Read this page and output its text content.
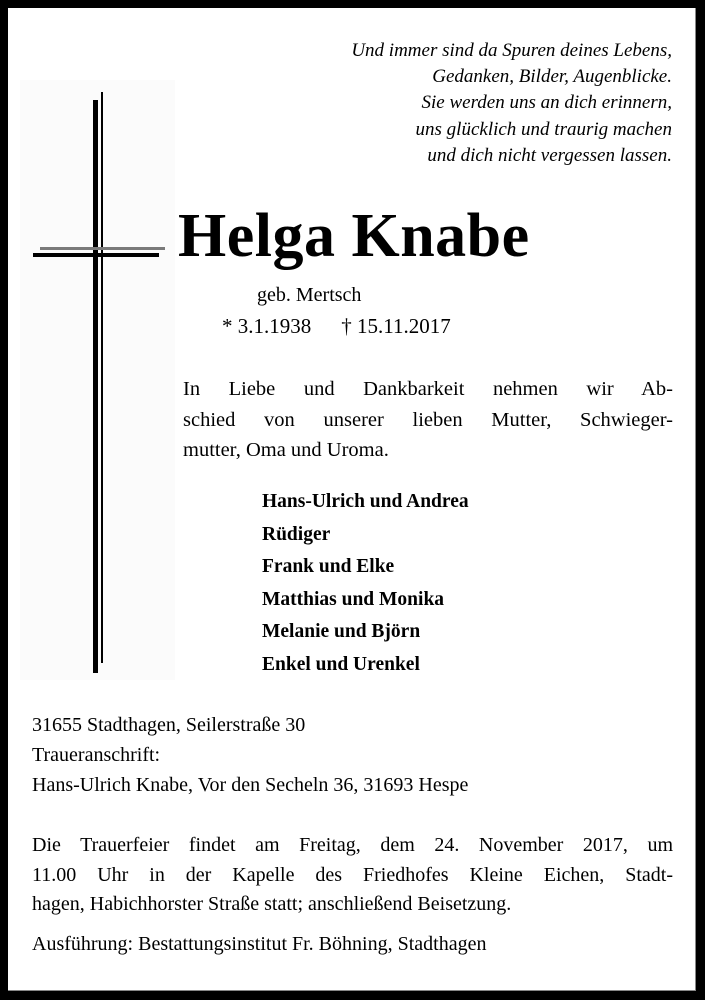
Und immer sind da Spuren deines Lebens,
Gedanken, Bilder, Augenblicke.
Sie werden uns an dich erinnern,
uns glücklich und traurig machen
und dich nicht vergessen lassen.
Helga Knabe
geb. Mertsch
* 3.1.1938 † 15.11.2017
In Liebe und Dankbarkeit nehmen wir Ab-
schied von unserer lieben Mutter, Schwieger-
mutter, Oma und Uroma.
Hans-Ulrich und Andrea
Rüdiger
Frank und Elke
Matthias und Monika
Melanie und Björn
Enkel und Urenkel
31655 Stadthagen, Seilerstraße 30
Traueranschrift:
Hans-Ulrich Knabe, Vor den Secheln 36, 31693 Hespe
Die Trauerfeier findet am Freitag, dem 24. November 2017, um
11.00 Uhr in der Kapelle des Friedhofes Kleine Eichen, Stadt-
hagen, Habichhorster Straße statt; anschließend Beisetzung.
Ausführung: Bestattungsinstitut Fr. Böhning, Stadthagen
